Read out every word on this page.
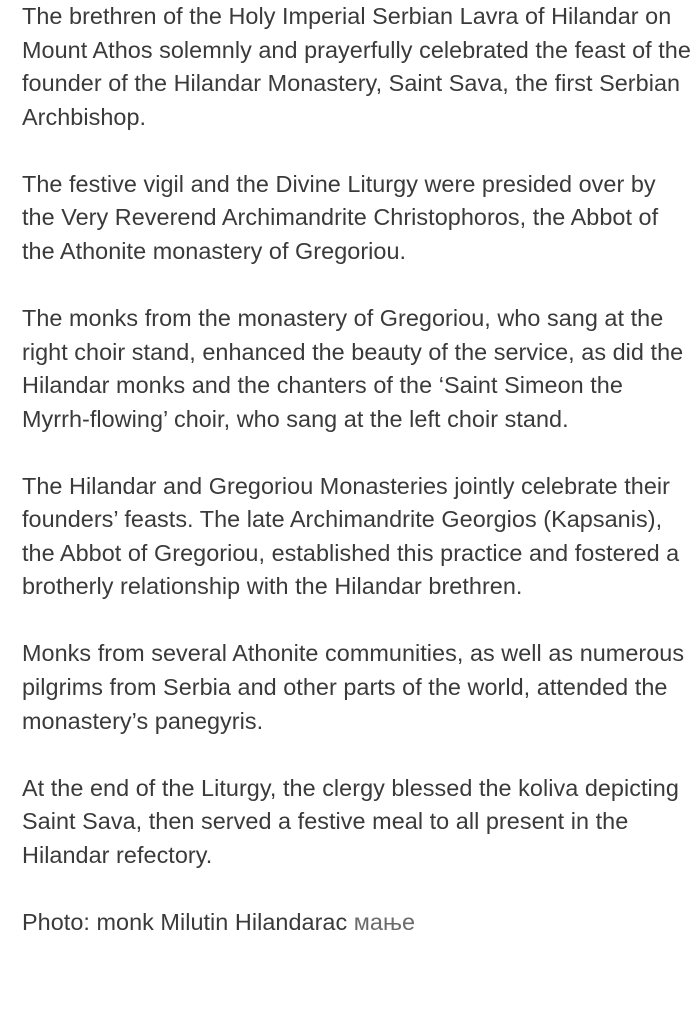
The brethren of the Holy Imperial Serbian Lavra of Hilandar on Mount Athos solemnly and prayerfully celebrated the feast of the founder of the Hilandar Monastery, Saint Sava, the first Serbian Archbishop.

The festive vigil and the Divine Liturgy were presided over by the Very Reverend Archimandrite Christophoros, the Abbot of the Athonite monastery of Gregoriou.

The monks from the monastery of Gregoriou, who sang at the right choir stand, enhanced the beauty of the service, as did the Hilandar monks and the chanters of the ‘Saint Simeon the Myrrh-flowing’ choir, who sang at the left choir stand.

The Hilandar and Gregoriou Monasteries jointly celebrate their founders’ feasts. The late Archimandrite Georgios (Kapsanis), the Abbot of Gregoriou, established this practice and fostered a brotherly relationship with the Hilandar brethren.

Monks from several Athonite communities, as well as numerous pilgrims from Serbia and other parts of the world, attended the monastery’s panegyris.

At the end of the Liturgy, the clergy blessed the koliva depicting Saint Sava, then served a festive meal to all present in the Hilandar refectory.

Photo: monk Milutin Hilandarac мање
